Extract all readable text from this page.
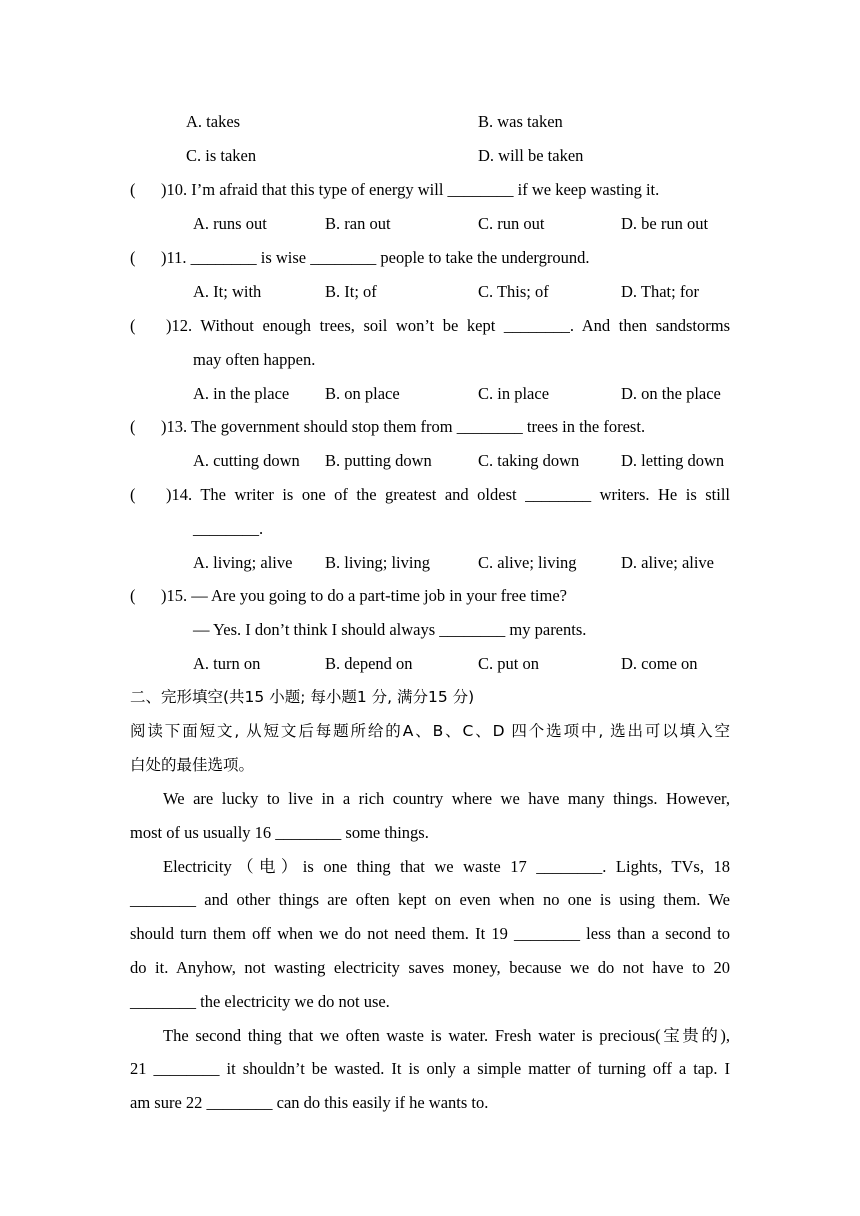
A. takes	B. was taken
C. is taken	D. will be taken
( )10. I’m afraid that this type of energy will ________ if we keep wasting it.
A. runs out	B. ran out	C. run out	D. be run out
( )11. ________ is wise ________ people to take the underground.
A. It; with	B. It; of	C. This; of	D. That; for
( )12. Without enough trees, soil won’t be kept ________. And then sandstorms
may often happen.
A. in the place B. on place	C. in place	D. on the place
( )13. The government should stop them from ________ trees in the forest.
A. cutting down B. putting down	C. taking down	D. letting down
( )14. The writer is one of the greatest and oldest ________ writers. He is still
________.
A. living; alive B. living; living	C. alive; living	D. alive; alive
( )15. — Are you going to do a part-time job in your free time?
— Yes. I don’t think I should always ________ my parents.
A. turn on	B. depend on	C. put on	D. come on
二、完形填空(共15 小题; 每小题1 分, 满分15 分)
阅读下面短文, 从短文后每题所给的A、B、C、D 四个选项中, 选出可以填入空
白处的最佳选项。
We are lucky to live in a rich country where we have many things. However,
most of us usually 16 ________ some things.
Electricity（电）is one thing that we waste 17 ________. Lights, TVs, 18
________ and other things are often kept on even when no one is using them. We
should turn them off when we do not need them. It 19 ________ less than a second to
do it. Anyhow, not wasting electricity saves money, because we do not have to 20
________ the electricity we do not use.
The second thing that we often waste is water. Fresh water is precious(宝贵的),
21 ________ it shouldn’t be wasted. It is only a simple matter of turning off a tap. I
am sure 22 ________ can do this easily if he wants to.
